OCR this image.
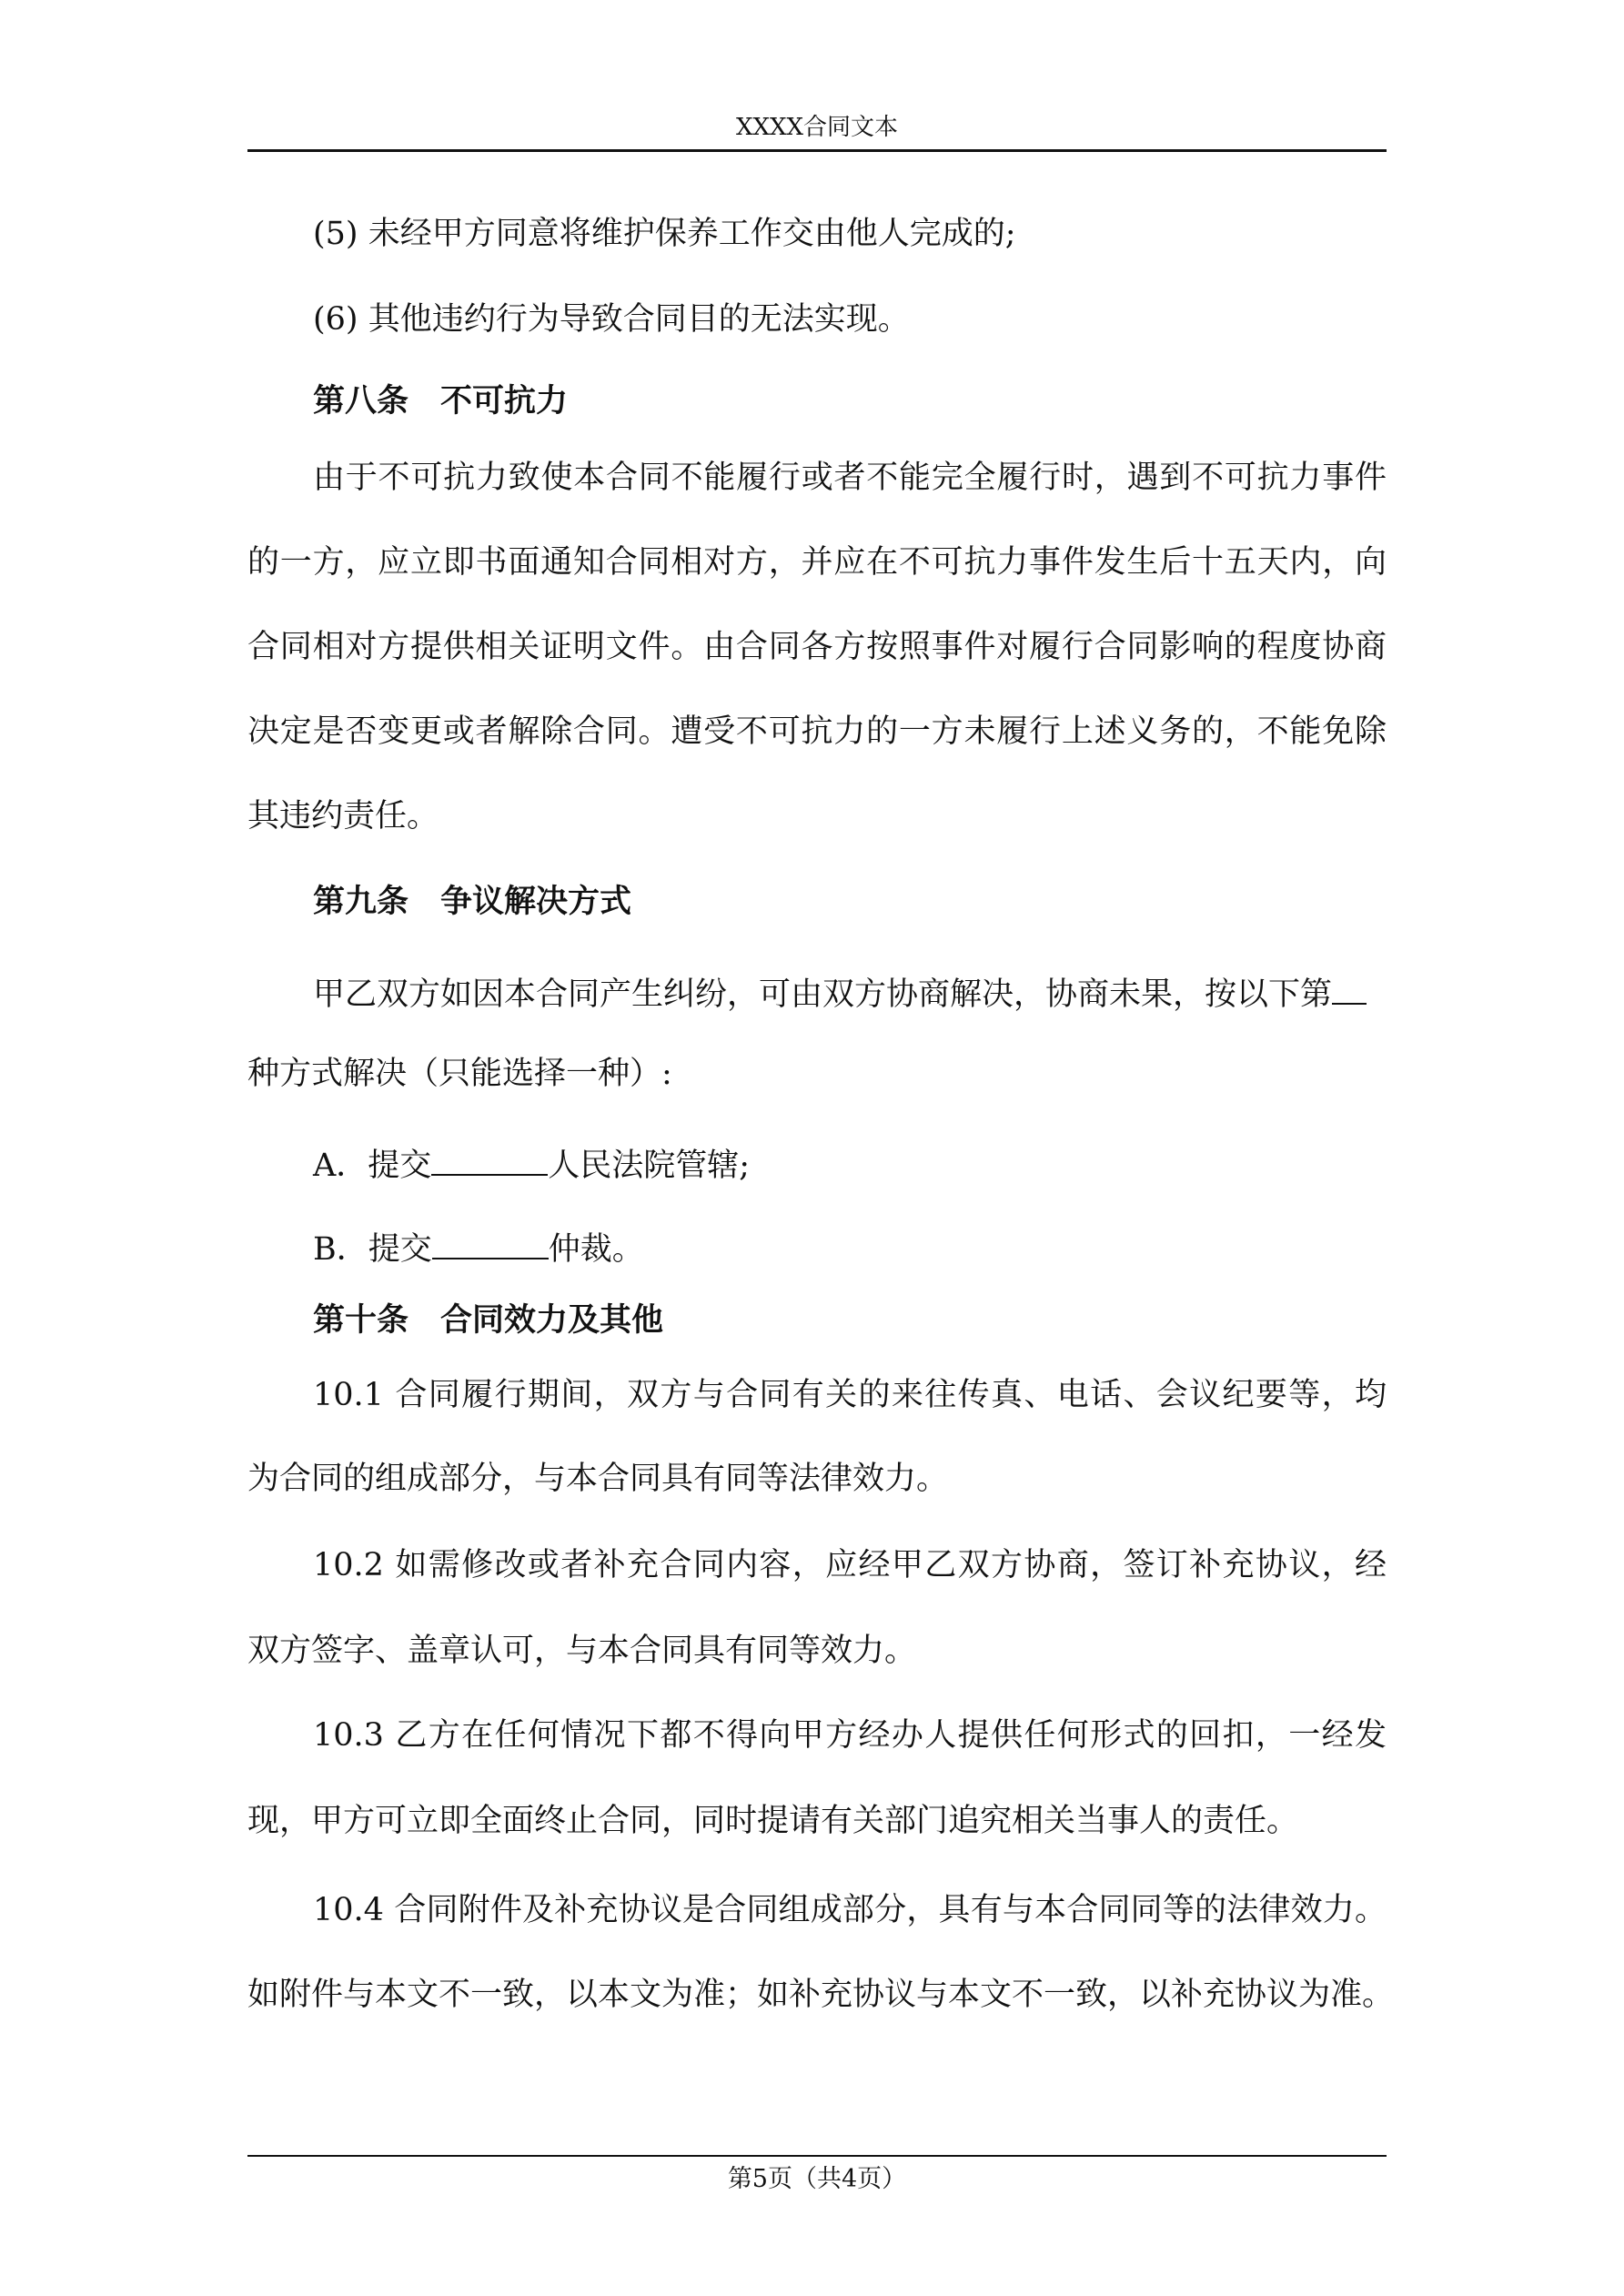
XXXX合同文本
(5) 未经甲方同意将维护保养工作交由他人完成的;
(6) 其他违约行为导致合同目的无法实现。
第八条　不可抗力
由于不可抗力致使本合同不能履行或者不能完全履行时，遇到不可抗力事件
的一方，应立即书面通知合同相对方，并应在不可抗力事件发生后十五天内，向
合同相对方提供相关证明文件。由合同各方按照事件对履行合同影响的程度协商
决定是否变更或者解除合同。遭受不可抗力的一方未履行上述义务的，不能免除
其违约责任。
第九条　争议解决方式
甲乙双方如因本合同产生纠纷，可由双方协商解决，协商未果，按以下第
种方式解决（只能选择一种）:
A．提交	人民法院管辖;
B．提交	仲裁。
第十条　合同效力及其他
10.1 合同履行期间，双方与合同有关的来往传真、电话、会议纪要等，均
为合同的组成部分，与本合同具有同等法律效力。
10.2 如需修改或者补充合同内容，应经甲乙双方协商，签订补充协议，经
双方签字、盖章认可，与本合同具有同等效力。
10.3 乙方在任何情况下都不得向甲方经办人提供任何形式的回扣，一经发
现，甲方可立即全面终止合同，同时提请有关部门追究相关当事人的责任。
10.4 合同附件及补充协议是合同组成部分，具有与本合同同等的法律效力。
如附件与本文不一致，以本文为准；如补充协议与本文不一致，以补充协议为准。
第5页（共4页）
